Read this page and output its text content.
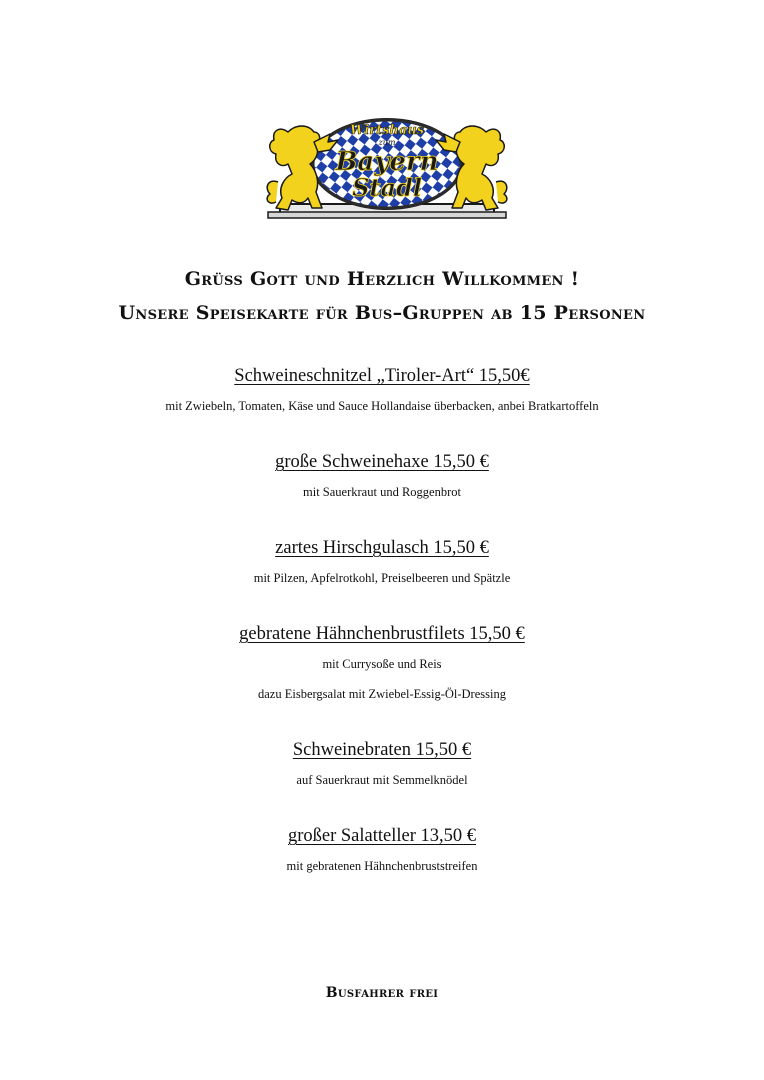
Wirtshaus
zum
Bayern
Stadl
Grüss Gott und Herzlich Willkommen !
Unsere Speisekarte für Bus–Gruppen ab 15 Personen
Schweineschnitzel „Tiroler-Art“ 15,50€
mit Zwiebeln, Tomaten, Käse und Sauce Hollandaise überbacken, anbei Bratkartoffeln
große Schweinehaxe 15,50 €
mit Sauerkraut und Roggenbrot
zartes Hirschgulasch 15,50 €
mit Pilzen, Apfelrotkohl, Preiselbeeren und Spätzle
gebratene Hähnchenbrustfilets 15,50 €
mit Currysoße und Reis
dazu Eisbergsalat mit Zwiebel-Essig-Öl-Dressing
Schweinebraten 15,50 €
auf Sauerkraut mit Semmelknödel
großer Salatteller 13,50 €
mit gebratenen Hähnchenbruststreifen
Busfahrer frei
